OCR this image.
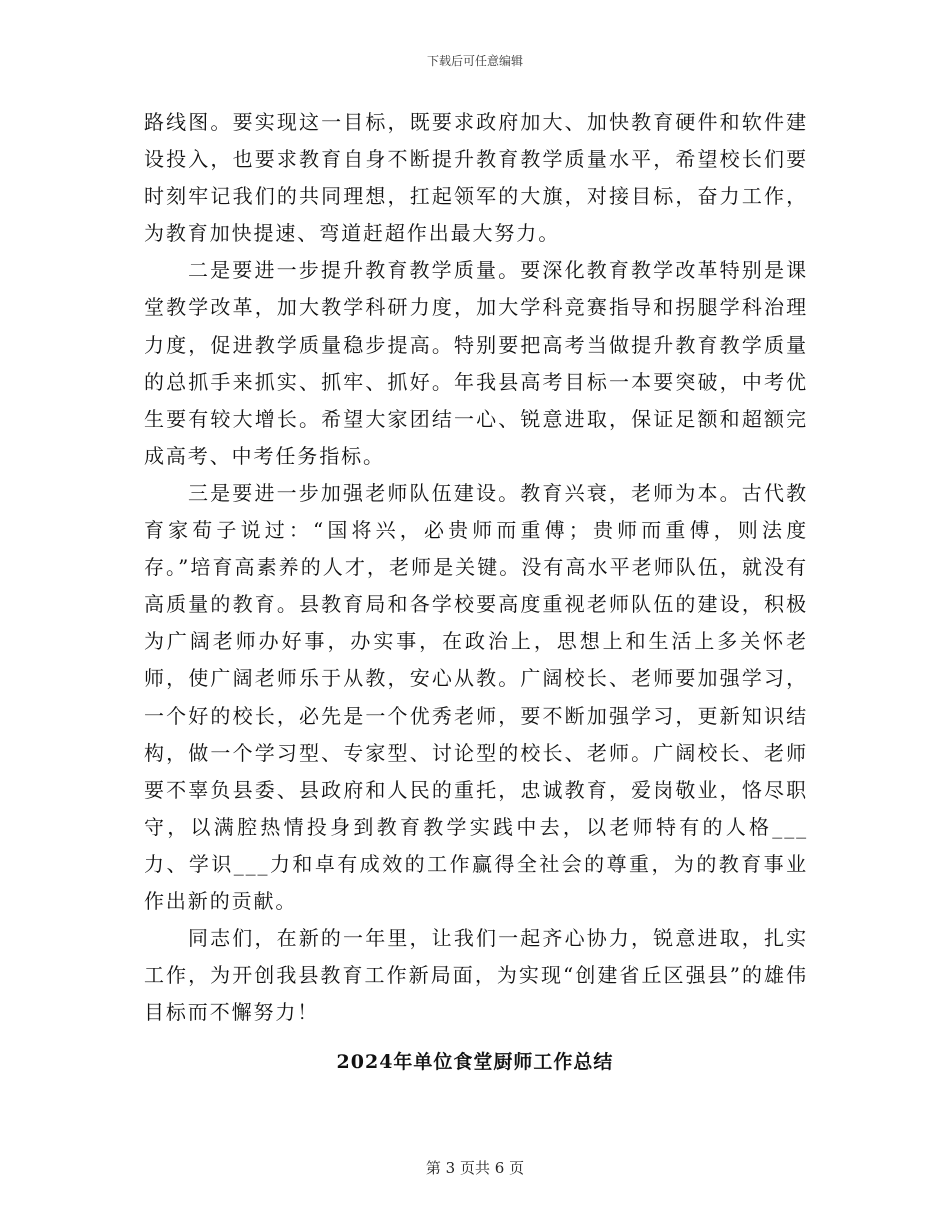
下载后可任意编辑

路线图。要实现这一目标，既要求政府加大、加快教育硬件和软件建设投入，也要求教育自身不断提升教育教学质量水平，希望校长们要时刻牢记我们的共同理想，扛起领军的大旗，对接目标，奋力工作，为教育加快提速、弯道赶超作出最大努力。

二是要进一步提升教育教学质量。要深化教育教学改革特别是课堂教学改革，加大教学科研力度，加大学科竞赛指导和拐腿学科治理力度，促进教学质量稳步提高。特别要把高考当做提升教育教学质量的总抓手来抓实、抓牢、抓好。年我县高考目标一本要突破，中考优生要有较大增长。希望大家团结一心、锐意进取，保证足额和超额完成高考、中考任务指标。

三是要进一步加强老师队伍建设。教育兴衰，老师为本。古代教育家荀子说过：“国将兴，必贵师而重傅；贵师而重傅，则法度存。”培育高素养的人才，老师是关键。没有高水平老师队伍，就没有高质量的教育。县教育局和各学校要高度重视老师队伍的建设，积极为广阔老师办好事，办实事，在政治上，思想上和生活上多关怀老师，使广阔老师乐于从教，安心从教。广阔校长、老师要加强学习，一个好的校长，必先是一个优秀老师，要不断加强学习，更新知识结构，做一个学习型、专家型、讨论型的校长、老师。广阔校长、老师要不辜负县委、县政府和人民的重托，忠诚教育，爱岗敬业，恪尽职守，以满腔热情投身到教育教学实践中去，以老师特有的人格___力、学识___力和卓有成效的工作赢得全社会的尊重，为的教育事业作出新的贡献。

同志们，在新的一年里，让我们一起齐心协力，锐意进取，扎实工作，为开创我县教育工作新局面，为实现“创建省丘区强县”的雄伟目标而不懈努力！

2024年单位食堂厨师工作总结
第 3 页共 6 页
